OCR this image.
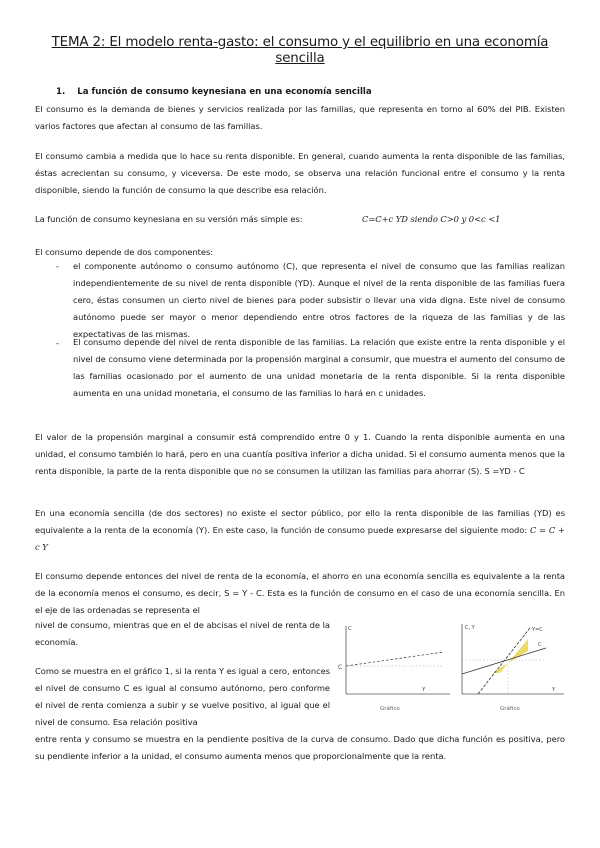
TEMA 2: El modelo renta-gasto: el consumo y el equilibrio en una economía sencilla
1. La función de consumo keynesiana en una economía sencilla
El consumo es la demanda de bienes y servicios realizada por las familias, que representa en torno al 60% del PIB. Existen varios factores que afectan al consumo de las familias.
El consumo cambia a medida que lo hace su renta disponible. En general, cuando aumenta la renta disponible de las familias, éstas acrecientan su consumo, y viceversa. De este modo, se observa una relación funcional entre el consumo y la renta disponible, siendo la función de consumo la que describe esa relación.
La función de consumo keynesiana en su versión más simple es:	C=C+c YD siendo C>0 y 0<c <1
El consumo depende de dos componentes:
- el componente autónomo o consumo autónomo (C), que representa el nivel de consumo que las familias realizan independientemente de su nivel de renta disponible (YD). Aunque el nivel de la renta disponible de las familias fuera cero, éstas consumen un cierto nivel de bienes para poder subsistir o llevar una vida digna. Este nivel de consumo autónomo puede ser mayor o menor dependiendo entre otros factores de la riqueza de las familias y de las expectativas de las mismas.
- El consumo depende del nivel de renta disponible de las familias. La relación que existe entre la renta disponible y el nivel de consumo viene determinada por la propensión marginal a consumir, que muestra el aumento del consumo de las familias ocasionado por el aumento de una unidad monetaria de la renta disponible. Si la renta disponible aumenta en una unidad monetaria, el consumo de las familias lo hará en c unidades.
El valor de la propensión marginal a consumir está comprendido entre 0 y 1. Cuando la renta disponible aumenta en una unidad, el consumo también lo hará, pero en una cuantía positiva inferior a dicha unidad. Si el consumo aumenta menos que la renta disponible, la parte de la renta disponible que no se consumen la utilizan las familias para ahorrar (S). S =YD - C
En una economía sencilla (de dos sectores) no existe el sector público, por ello la renta disponible de las familias (YD) es equivalente a la renta de la economía (Y). En este caso, la función de consumo puede expresarse del siguiente modo: C = C + c Y
El consumo depende entonces del nivel de renta de la economía, el ahorro en una economía sencilla es equivalente a la renta de la economía menos el consumo, es decir, S = Y - C. Esta es la función de consumo en el caso de una economía sencilla. En el eje de las ordenadas se representa el
nivel de consumo, mientras que en el de abcisas el nivel de renta de la economía.
Como se muestra en el gráfico 1, si la renta Y es igual a cero, entonces el nivel de consumo C es igual al consumo autónomo, pero conforme el nivel de renta comienza a subir y se vuelve positivo, al igual que el nivel de consumo. Esa relación positiva
entre renta y consumo se muestra en la pendiente positiva de la curva de consumo. Dado que dicha función es positiva, pero su pendiente inferior a la unidad, el consumo aumenta menos que proporcionalmente que la renta.
C
C
Y
Gráfico
Y=C
C
C, Y
Y
Gráfico
